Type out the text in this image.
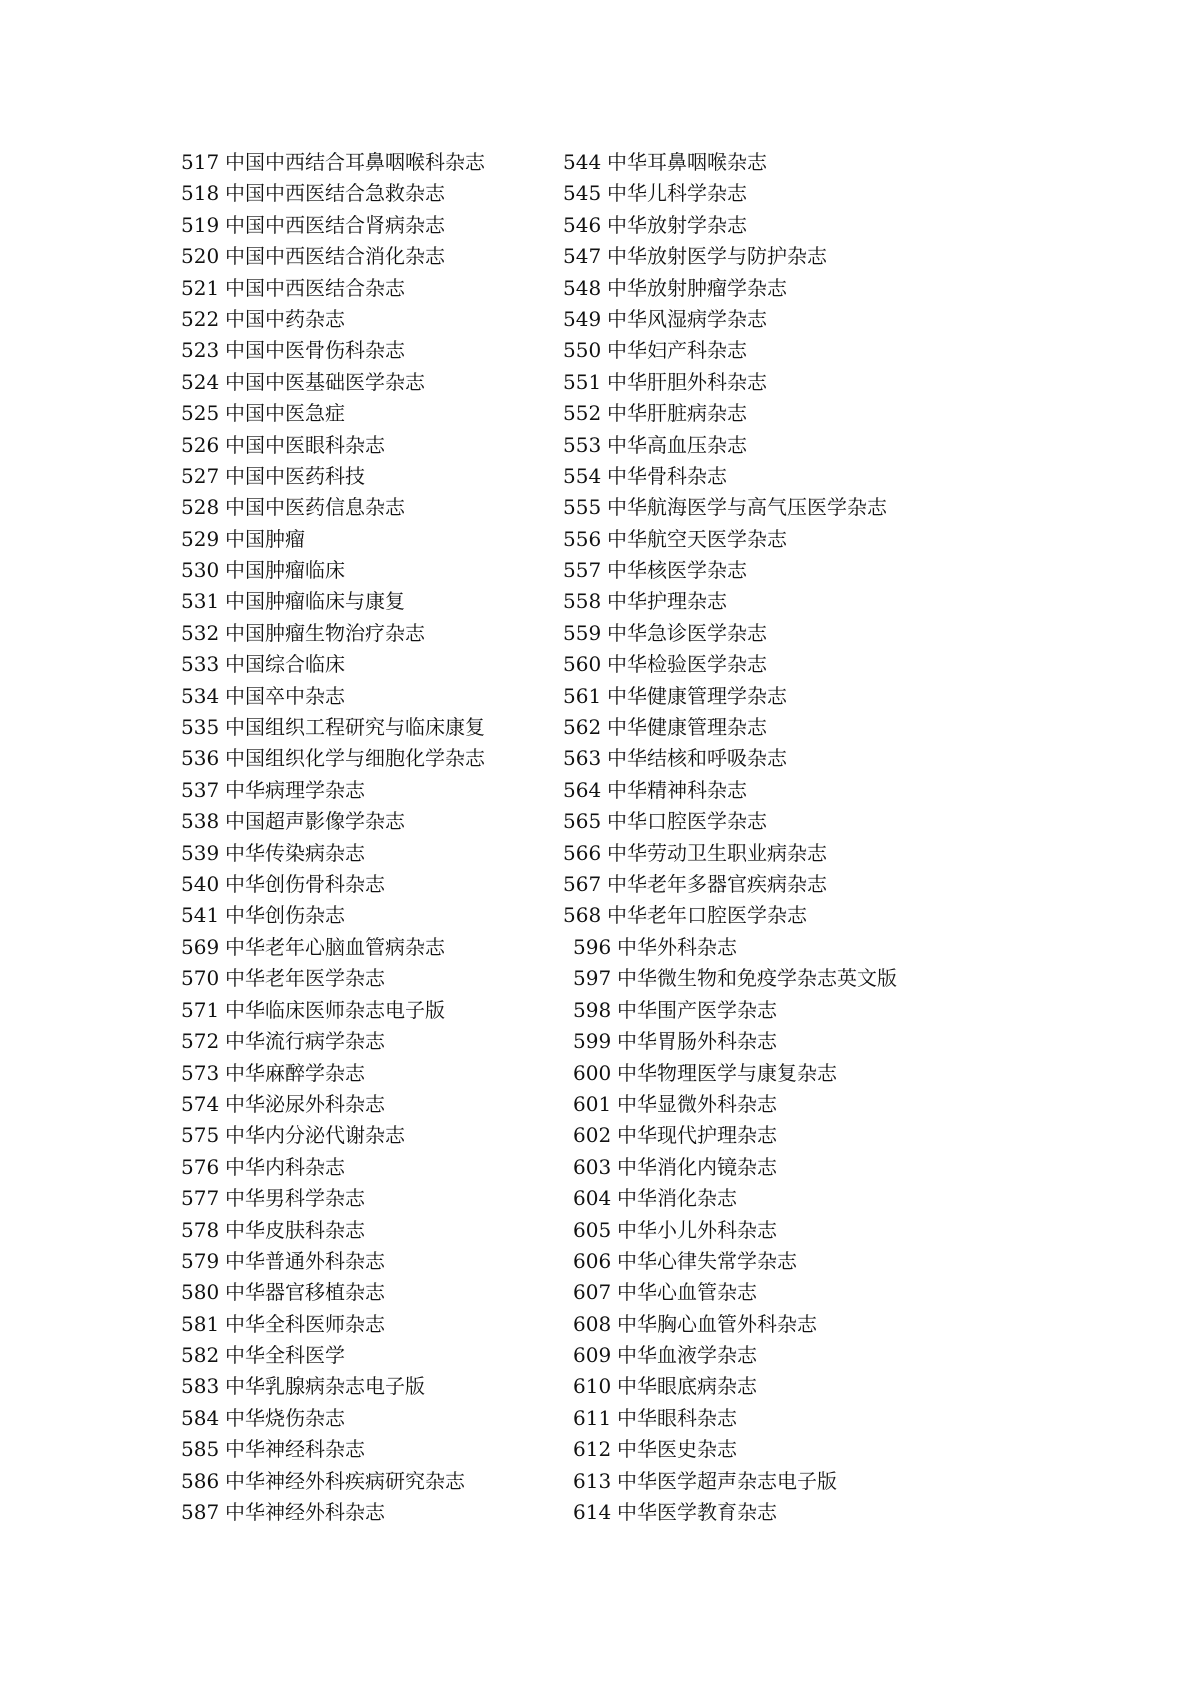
517 中国中西结合耳鼻咽喉科杂志
518 中国中西医结合急救杂志
519 中国中西医结合肾病杂志
520 中国中西医结合消化杂志
521 中国中西医结合杂志
522 中国中药杂志
523 中国中医骨伤科杂志
524 中国中医基础医学杂志
525 中国中医急症
526 中国中医眼科杂志
527 中国中医药科技
528 中国中医药信息杂志
529 中国肿瘤
530 中国肿瘤临床
531 中国肿瘤临床与康复
532 中国肿瘤生物治疗杂志
533 中国综合临床
534 中国卒中杂志
535 中国组织工程研究与临床康复
536 中国组织化学与细胞化学杂志
537 中华病理学杂志
538 中国超声影像学杂志
539 中华传染病杂志
540 中华创伤骨科杂志
541 中华创伤杂志
544 中华耳鼻咽喉杂志
545 中华儿科学杂志
546 中华放射学杂志
547 中华放射医学与防护杂志
548 中华放射肿瘤学杂志
549 中华风湿病学杂志
550 中华妇产科杂志
551 中华肝胆外科杂志
552 中华肝脏病杂志
553 中华高血压杂志
554 中华骨科杂志
555 中华航海医学与高气压医学杂志
556 中华航空天医学杂志
557 中华核医学杂志
558 中华护理杂志
559 中华急诊医学杂志
560 中华检验医学杂志
561 中华健康管理学杂志
562 中华健康管理杂志
563 中华结核和呼吸杂志
564 中华精神科杂志
565 中华口腔医学杂志
566 中华劳动卫生职业病杂志
567 中华老年多器官疾病杂志
568 中华老年口腔医学杂志
569 中华老年心脑血管病杂志
570 中华老年医学杂志
571 中华临床医师杂志电子版
572 中华流行病学杂志
573 中华麻醉学杂志
574 中华泌尿外科杂志
575 中华内分泌代谢杂志
576 中华内科杂志
577 中华男科学杂志
578 中华皮肤科杂志
579 中华普通外科杂志
580 中华器官移植杂志
581 中华全科医师杂志
582 中华全科医学
583 中华乳腺病杂志电子版
584 中华烧伤杂志
585 中华神经科杂志
586 中华神经外科疾病研究杂志
587 中华神经外科杂志
596 中华外科杂志
597 中华微生物和免疫学杂志英文版
598 中华围产医学杂志
599 中华胃肠外科杂志
600 中华物理医学与康复杂志
601 中华显微外科杂志
602 中华现代护理杂志
603 中华消化内镜杂志
604 中华消化杂志
605 中华小儿外科杂志
606 中华心律失常学杂志
607 中华心血管杂志
608 中华胸心血管外科杂志
609 中华血液学杂志
610 中华眼底病杂志
611 中华眼科杂志
612 中华医史杂志
613 中华医学超声杂志电子版
614 中华医学教育杂志
